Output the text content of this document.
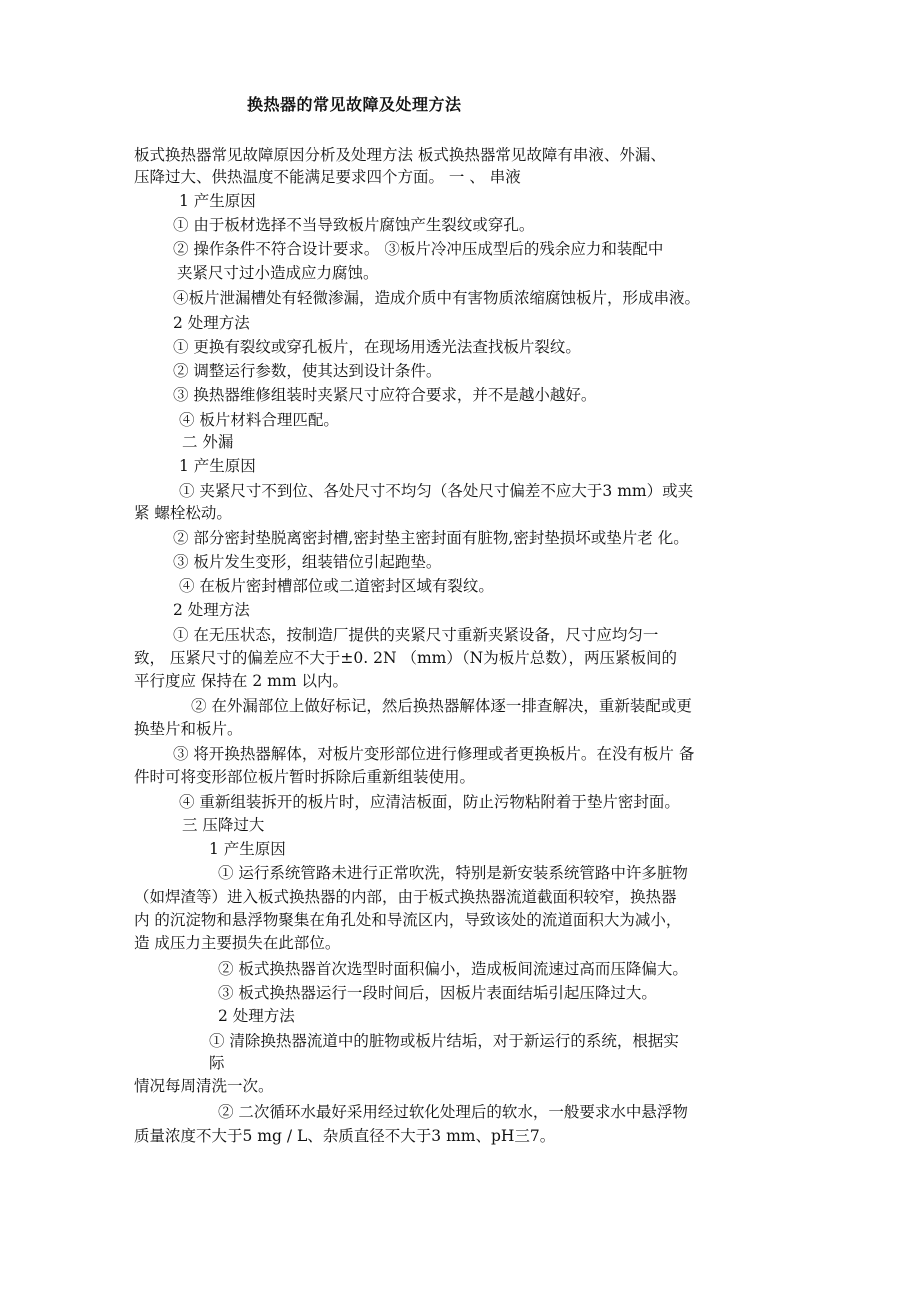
换热器的常见故障及处理方法
板式换热器常见故障原因分析及处理方法 板式换热器常见故障有串液、外漏、
压降过大、供热温度不能满足要求四个方面。 一 、 串液
1 产生原因
① 由于板材选择不当导致板片腐蚀产生裂纹或穿孔。
② 操作条件不符合设计要求。 ③板片冷冲压成型后的残余应力和装配中
夹紧尺寸过小造成应力腐蚀。
④板片泄漏槽处有轻微渗漏，造成介质中有害物质浓缩腐蚀板片，形成串液。
2 处理方法
① 更换有裂纹或穿孔板片，在现场用透光法查找板片裂纹。
② 调整运行参数，使其达到设计条件。
③ 换热器维修组装时夹紧尺寸应符合要求，并不是越小越好。
④ 板片材料合理匹配。
二 外漏
1 产生原因
① 夹紧尺寸不到位、各处尺寸不均匀（各处尺寸偏差不应大于3 mm）或夹
紧 螺栓松动。
② 部分密封垫脱离密封槽,密封垫主密封面有脏物,密封垫损坏或垫片老 化。
③ 板片发生变形，组装错位引起跑垫。
④ 在板片密封槽部位或二道密封区域有裂纹。
2 处理方法
① 在无压状态，按制造厂提供的夹紧尺寸重新夹紧设备，尺寸应均匀一
致， 压紧尺寸的偏差应不大于±0. 2N （mm）（N为板片总数），两压紧板间的
平行度应 保持在 2 mm 以内。
② 在外漏部位上做好标记，然后换热器解体逐一排查解决，重新装配或更
换垫片和板片。
③ 将开换热器解体，对板片变形部位进行修理或者更换板片。在没有板片 备
件时可将变形部位板片暂时拆除后重新组装使用。
④ 重新组装拆开的板片时，应清洁板面，防止污物粘附着于垫片密封面。
三 压降过大
1 产生原因
① 运行系统管路未进行正常吹洗，特别是新安装系统管路中许多脏物
（如焊渣等）进入板式换热器的内部，由于板式换热器流道截面积较窄，换热器
内 的沉淀物和悬浮物聚集在角孔处和导流区内，导致该处的流道面积大为减小，
造 成压力主要损失在此部位。
② 板式换热器首次选型时面积偏小，造成板间流速过高而压降偏大。
③ 板式换热器运行一段时间后，因板片表面结垢引起压降过大。
2 处理方法
① 清除换热器流道中的脏物或板片结垢，对于新运行的系统，根据实
际
情况每周清洗一次。
② 二次循环水最好采用经过软化处理后的软水，一般要求水中悬浮物
质量浓度不大于5 mg / L、杂质直径不大于3 mm、pH三7。
